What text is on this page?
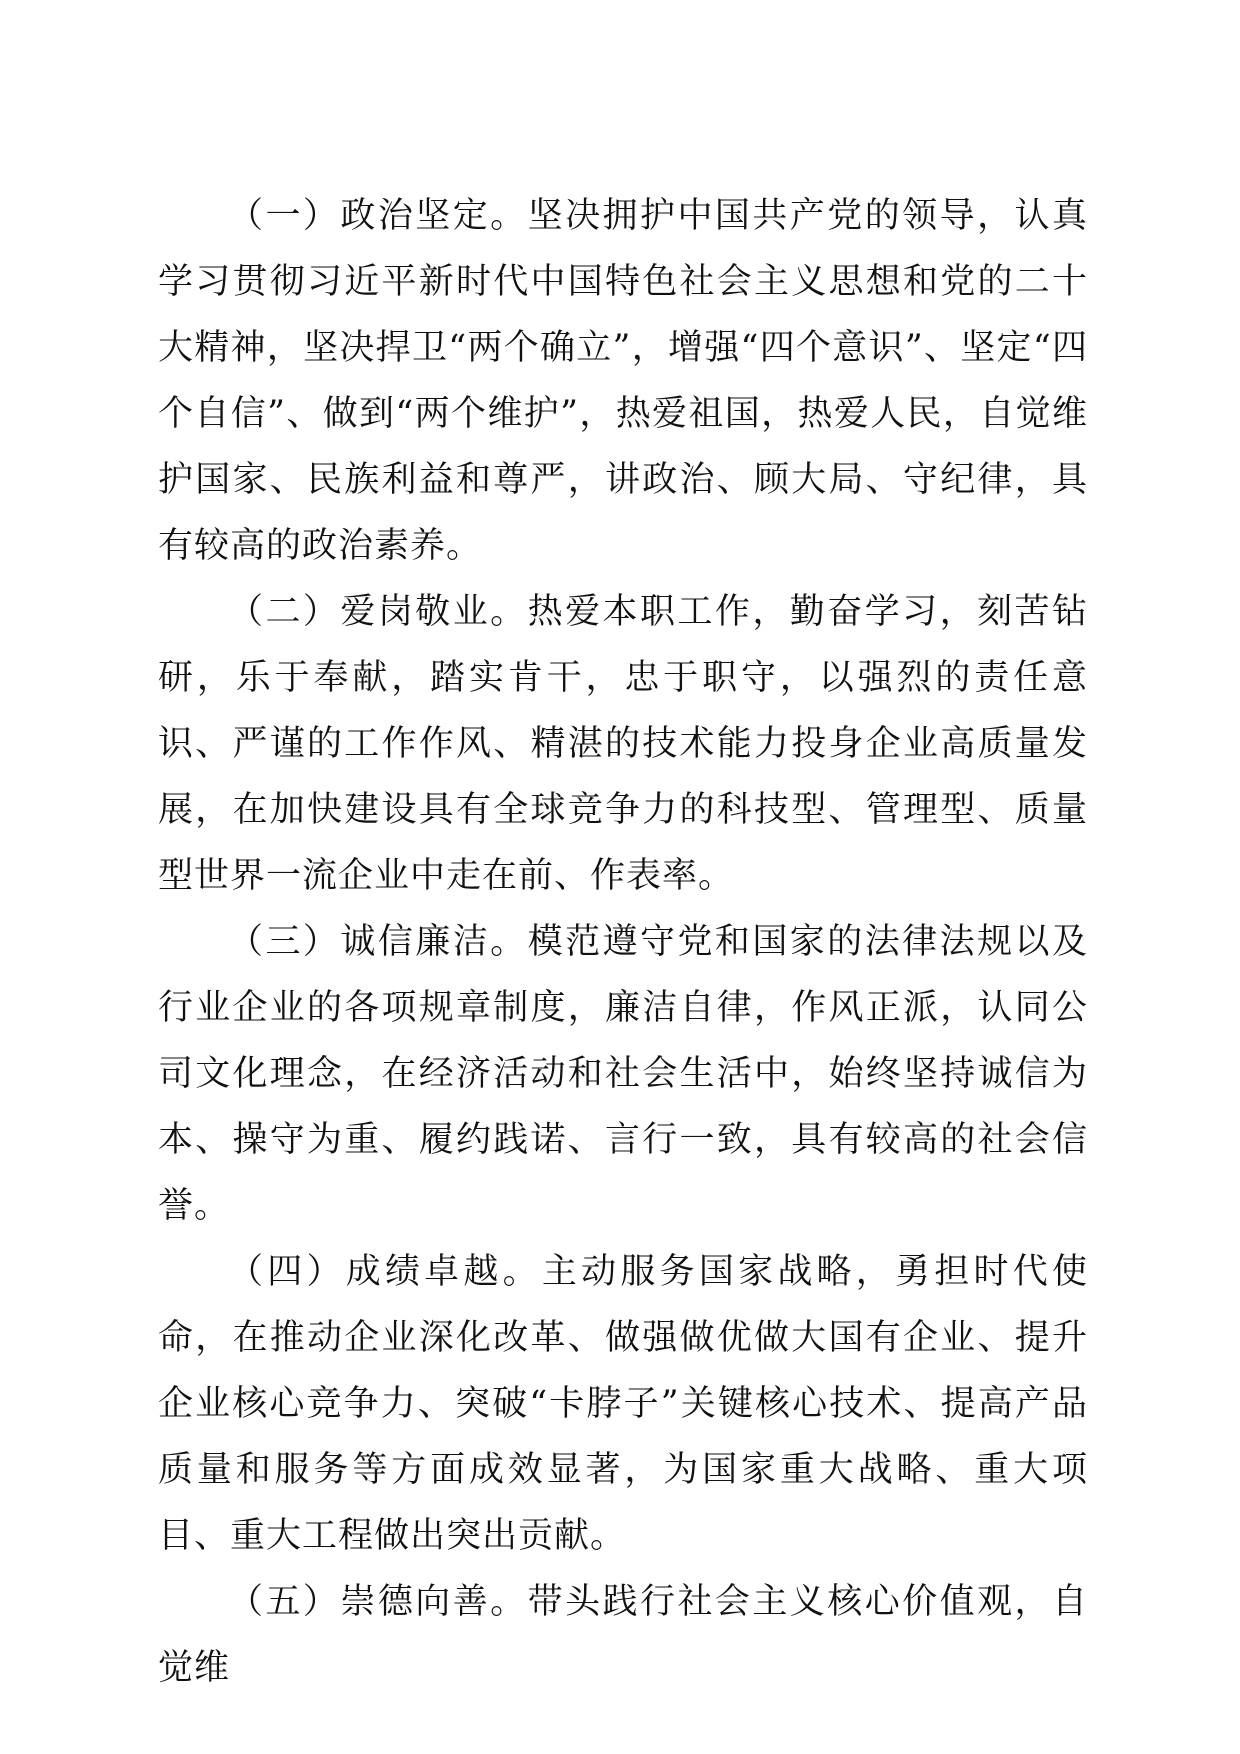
（一）政治坚定。坚决拥护中国共产党的领导，认真学习贯彻习近平新时代中国特色社会主义思想和党的二十大精神，坚决捍卫“两个确立”，增强“四个意识”、坚定“四个自信”、做到“两个维护”，热爱祖国，热爱人民，自觉维护国家、民族利益和尊严，讲政治、顾大局、守纪律，具有较高的政治素养。

（二）爱岗敬业。热爱本职工作，勤奋学习，刻苦钻研，乐于奉献，踏实肯干，忠于职守，以强烈的责任意识、严谨的工作作风、精湛的技术能力投身企业高质量发展，在加快建设具有全球竞争力的科技型、管理型、质量型世界一流企业中走在前、作表率。

（三）诚信廉洁。模范遵守党和国家的法律法规以及行业企业的各项规章制度，廉洁自律，作风正派，认同公司文化理念，在经济活动和社会生活中，始终坚持诚信为本、操守为重、履约践诺、言行一致，具有较高的社会信誉。

（四）成绩卓越。主动服务国家战略，勇担时代使命，在推动企业深化改革、做强做优做大国有企业、提升企业核心竞争力、突破“卡脖子”关键核心技术、提高产品质量和服务等方面成效显著，为国家重大战略、重大项目、重大工程做出突出贡献。

（五）崇德向善。带头践行社会主义核心价值观，自觉维
